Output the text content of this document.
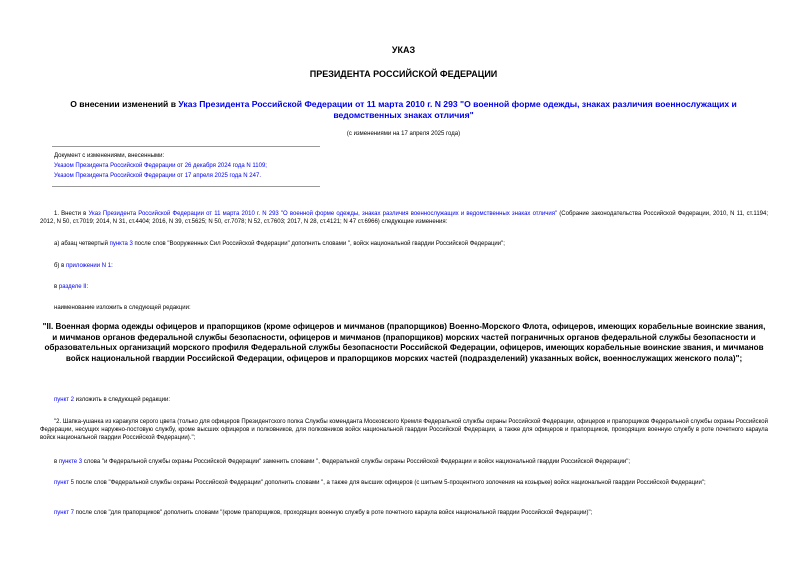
УКАЗ
ПРЕЗИДЕНТА РОССИЙСКОЙ ФЕДЕРАЦИИ
О внесении изменений в Указ Президента Российской Федерации от 11 марта 2010 г. N 293 "О военной форме одежды, знаках различия военнослужащих и ведомственных знаках отличия"
(с изменениями на 17 апреля 2025 года)
Документ с изменениями, внесенными:
Указом Президента Российской Федерации от 26 декабря 2024 года N 1109;
Указом Президента Российской Федерации от 17 апреля 2025 года N 247.
1. Внести в Указ Президента Российской Федерации от 11 марта 2010 г. N 293 "О военной форме одежды, знаках различия военнослужащих и ведомственных знаках отличия" (Собрание законодательства Российской Федерации, 2010, N 11, ст.1194; 2012, N 50, ст.7019; 2014, N 31, ст.4404; 2016, N 39, ст.5625; N 50, ст.7078; N 52, ст.7603; 2017, N 28, ст.4121; N 47 ст.6966) следующие изменения:
а) абзац четвертый пункта 3 после слов "Вооруженных Сил Российской Федерации" дополнить словами ", войск национальной гвардии Российской Федерации";
б) в приложении N 1:
в разделе II:
наименование изложить в следующей редакции:
"II. Военная форма одежды офицеров и прапорщиков (кроме офицеров и мичманов (прапорщиков) Военно-Морского Флота, офицеров, имеющих корабельные воинские звания, и мичманов органов федеральной службы безопасности, офицеров и мичманов (прапорщиков) морских частей пограничных органов федеральной службы безопасности и образовательных организаций морского профиля Федеральной службы безопасности Российской Федерации, офицеров, имеющих корабельные воинские звания, и мичманов войск национальной гвардии Российской Федерации, офицеров и прапорщиков морских частей (подразделений) указанных войск, военнослужащих женского пола)";
пункт 2 изложить в следующей редакции:
"2. Шапка-ушанка из каракуля серого цвета (только для офицеров Президентского полка Службы коменданта Московского Кремля Федеральной службы охраны Российской Федерации, офицеров и прапорщиков Федеральной службы охраны Российской Федерации, несущих наружно-постовую службу, кроме высших офицеров и полковников, для полковников войск национальной гвардии Российской Федерации, а также для офицеров и прапорщиков, проходящих военную службу в роте почетного караула войск национальной гвардии Российской Федерации).";
в пункте 3 слова "и Федеральной службы охраны Российской Федерации" заменить словами ", Федеральной службы охраны Российской Федерации и войск национальной гвардии Российской Федерации";
пункт 5 после слов "Федеральной службы охраны Российской Федерации" дополнить словами ", а также для высших офицеров (с шитьем 5-процентного золочения на козырьке) войск национальной гвардии Российской Федерации";
пункт 7 после слов "для прапорщиков" дополнить словами "(кроме прапорщиков, проходящих военную службу в роте почетного караула войск национальной гвардии Российской Федерации)";
